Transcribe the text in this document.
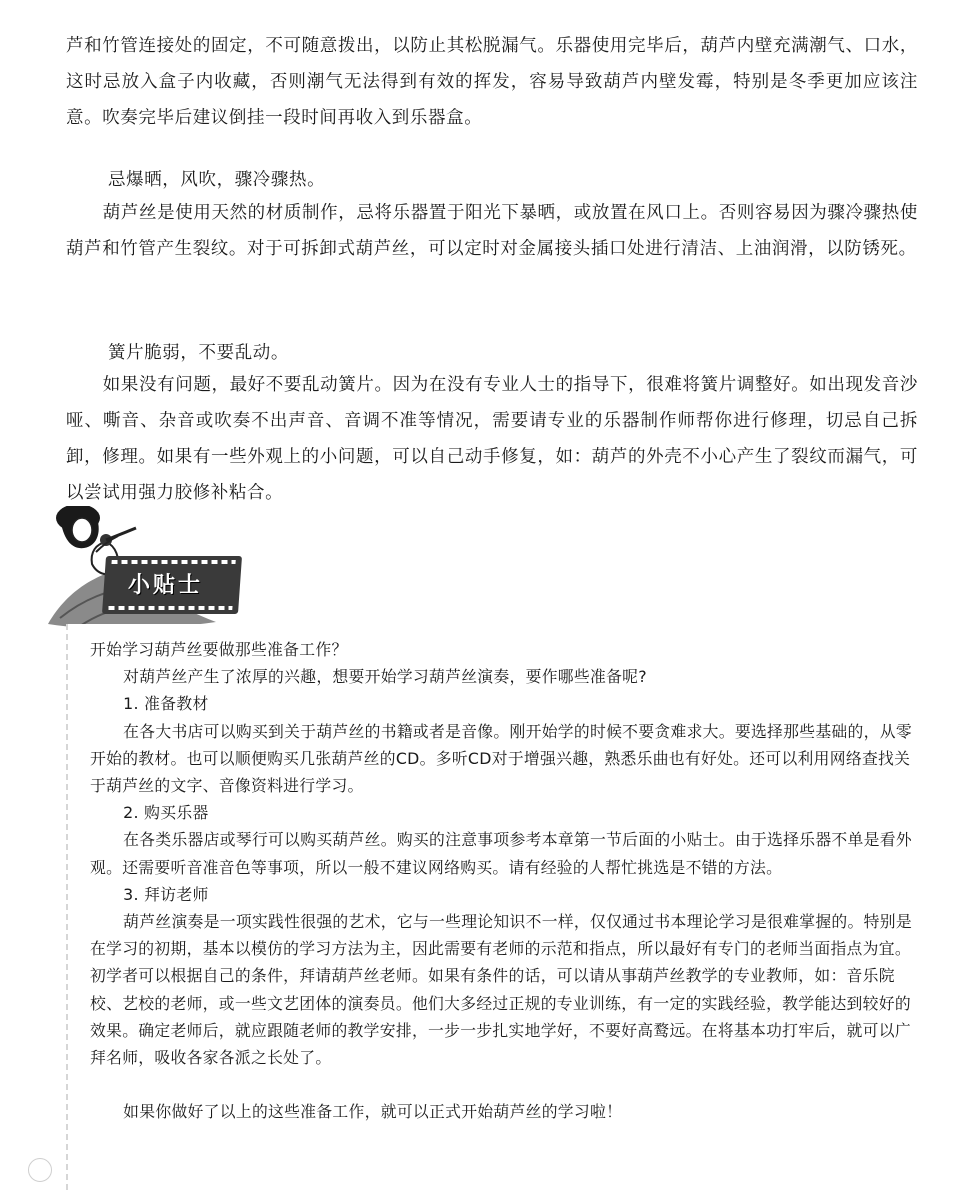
芦和竹管连接处的固定，不可随意拨出，以防止其松脱漏气。乐器使用完毕后，葫芦内壁充满潮气、口水，这时忌放入盒子内收藏，否则潮气无法得到有效的挥发，容易导致葫芦内壁发霉，特别是冬季更加应该注意。吹奏完毕后建议倒挂一段时间再收入到乐器盒。

忌爆晒，风吹，骤冷骤热。

葫芦丝是使用天然的材质制作，忌将乐器置于阳光下暴晒，或放置在风口上。否则容易因为骤冷骤热使葫芦和竹管产生裂纹。对于可拆卸式葫芦丝，可以定时对金属接头插口处进行清洁、上油润滑，以防锈死。

簧片脆弱，不要乱动。

如果没有问题，最好不要乱动簧片。因为在没有专业人士的指导下，很难将簧片调整好。如出现发音沙哑、嘶音、杂音或吹奏不出声音、音调不准等情况，需要请专业的乐器制作师帮你进行修理，切忌自己拆卸，修理。如果有一些外观上的小问题，可以自己动手修复，如：葫芦的外壳不小心产生了裂纹而漏气，可以尝试用强力胶修补粘合。

小贴士

开始学习葫芦丝要做那些准备工作？

对葫芦丝产生了浓厚的兴趣，想要开始学习葫芦丝演奏，要作哪些准备呢?

1. 准备教材

在各大书店可以购买到关于葫芦丝的书籍或者是音像。刚开始学的时候不要贪难求大。要选择那些基础的，从零开始的教材。也可以顺便购买几张葫芦丝的CD。多听CD对于增强兴趣，熟悉乐曲也有好处。还可以利用网络查找关于葫芦丝的文字、音像资料进行学习。

2. 购买乐器

在各类乐器店或琴行可以购买葫芦丝。购买的注意事项参考本章第一节后面的小贴士。由于选择乐器不单是看外观。还需要听音准音色等事项，所以一般不建议网络购买。请有经验的人帮忙挑选是不错的方法。

3. 拜访老师

葫芦丝演奏是一项实践性很强的艺术，它与一些理论知识不一样，仅仅通过书本理论学习是很难掌握的。特别是在学习的初期，基本以模仿的学习方法为主，因此需要有老师的示范和指点，所以最好有专门的老师当面指点为宜。初学者可以根据自己的条件，拜请葫芦丝老师。如果有条件的话，可以请从事葫芦丝教学的专业教师，如：音乐院校、艺校的老师，或一些文艺团体的演奏员。他们大多经过正规的专业训练，有一定的实践经验，教学能达到较好的效果。确定老师后，就应跟随老师的教学安排，一步一步扎实地学好，不要好高鹜远。在将基本功打牢后，就可以广拜名师，吸收各家各派之长处了。

如果你做好了以上的这些准备工作，就可以正式开始葫芦丝的学习啦！
